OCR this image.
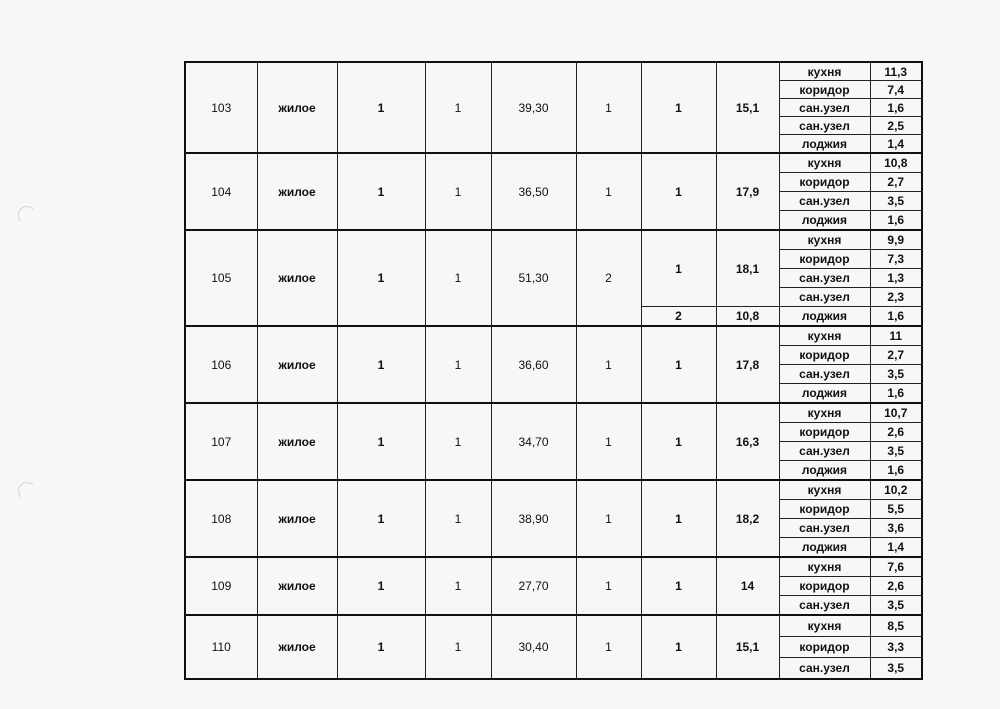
103	жилое	1	1	39,30	1	1	15,1	кухня	11,3
								коридор	7,4
								сан.узел	1,6
								сан.узел	2,5
								лоджия	1,4
104	жилое	1	1	36,50	1	1	17,9	кухня	10,8
								коридор	2,7
								сан.узел	3,5
								лоджия	1,6
105	жилое	1	1	51,30	2	1	18,1	кухня	9,9
								коридор	7,3
								сан.узел	1,3
								сан.узел	2,3
						2	10,8	лоджия	1,6
106	жилое	1	1	36,60	1	1	17,8	кухня	11
								коридор	2,7
								сан.узел	3,5
								лоджия	1,6
107	жилое	1	1	34,70	1	1	16,3	кухня	10,7
								коридор	2,6
								сан.узел	3,5
								лоджия	1,6
108	жилое	1	1	38,90	1	1	18,2	кухня	10,2
								коридор	5,5
								сан.узел	3,6
								лоджия	1,4
109	жилое	1	1	27,70	1	1	14	кухня	7,6
								коридор	2,6
								сан.узел	3,5
110	жилое	1	1	30,40	1	1	15,1	кухня	8,5
								коридор	3,3
								сан.узел	3,5
